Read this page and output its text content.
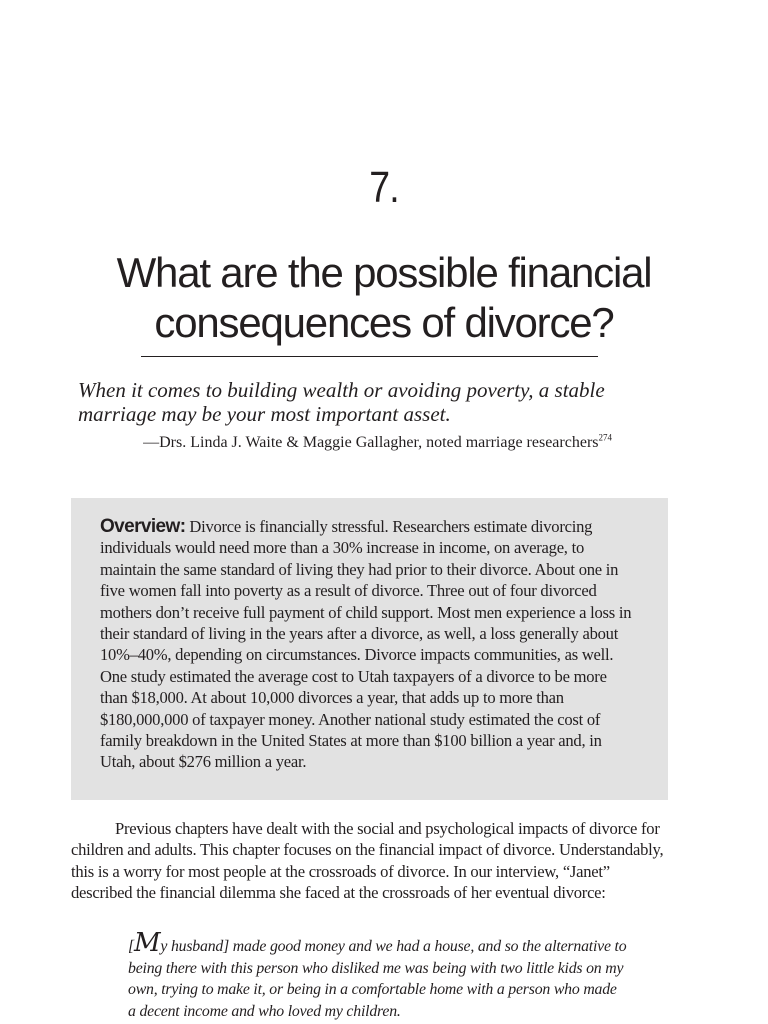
7.
What are the possible financial consequences of divorce?

When it comes to building wealth or avoiding poverty, a stable marriage may be your most important asset.

—Drs. Linda J. Waite & Maggie Gallagher, noted marriage researchers$^{274}$

Overview: Divorce is financially stressful. Researchers estimate divorcing individuals would need more than a 30% increase in income, on average, to maintain the same standard of living they had prior to their divorce. About one in five women fall into poverty as a result of divorce. Three out of four divorced mothers don’t receive full payment of child support. Most men experience a loss in their standard of living in the years after a divorce, as well, a loss generally about 10%–40%, depending on circumstances. Divorce impacts communities, as well. One study estimated the average cost to Utah taxpayers of a divorce to be more than $18,000. At about 10,000 divorces a year, that adds up to more than $180,000,000 of taxpayer money. Another national study estimated the cost of family breakdown in the United States at more than $100 billion a year and, in Utah, about $276 million a year.

Previous chapters have dealt with the social and psychological impacts of divorce for children and adults. This chapter focuses on the financial impact of divorce. Understandably, this is a worry for most people at the crossroads of divorce. In our interview, “Janet” described the financial dilemma she faced at the crossroads of her eventual divorce:

[My husband] made good money and we had a house, and so the alternative to being there with this person who disliked me was being with two little kids on my own, trying to make it, or being in a comfortable home with a person who made a decent income and who loved my children.
